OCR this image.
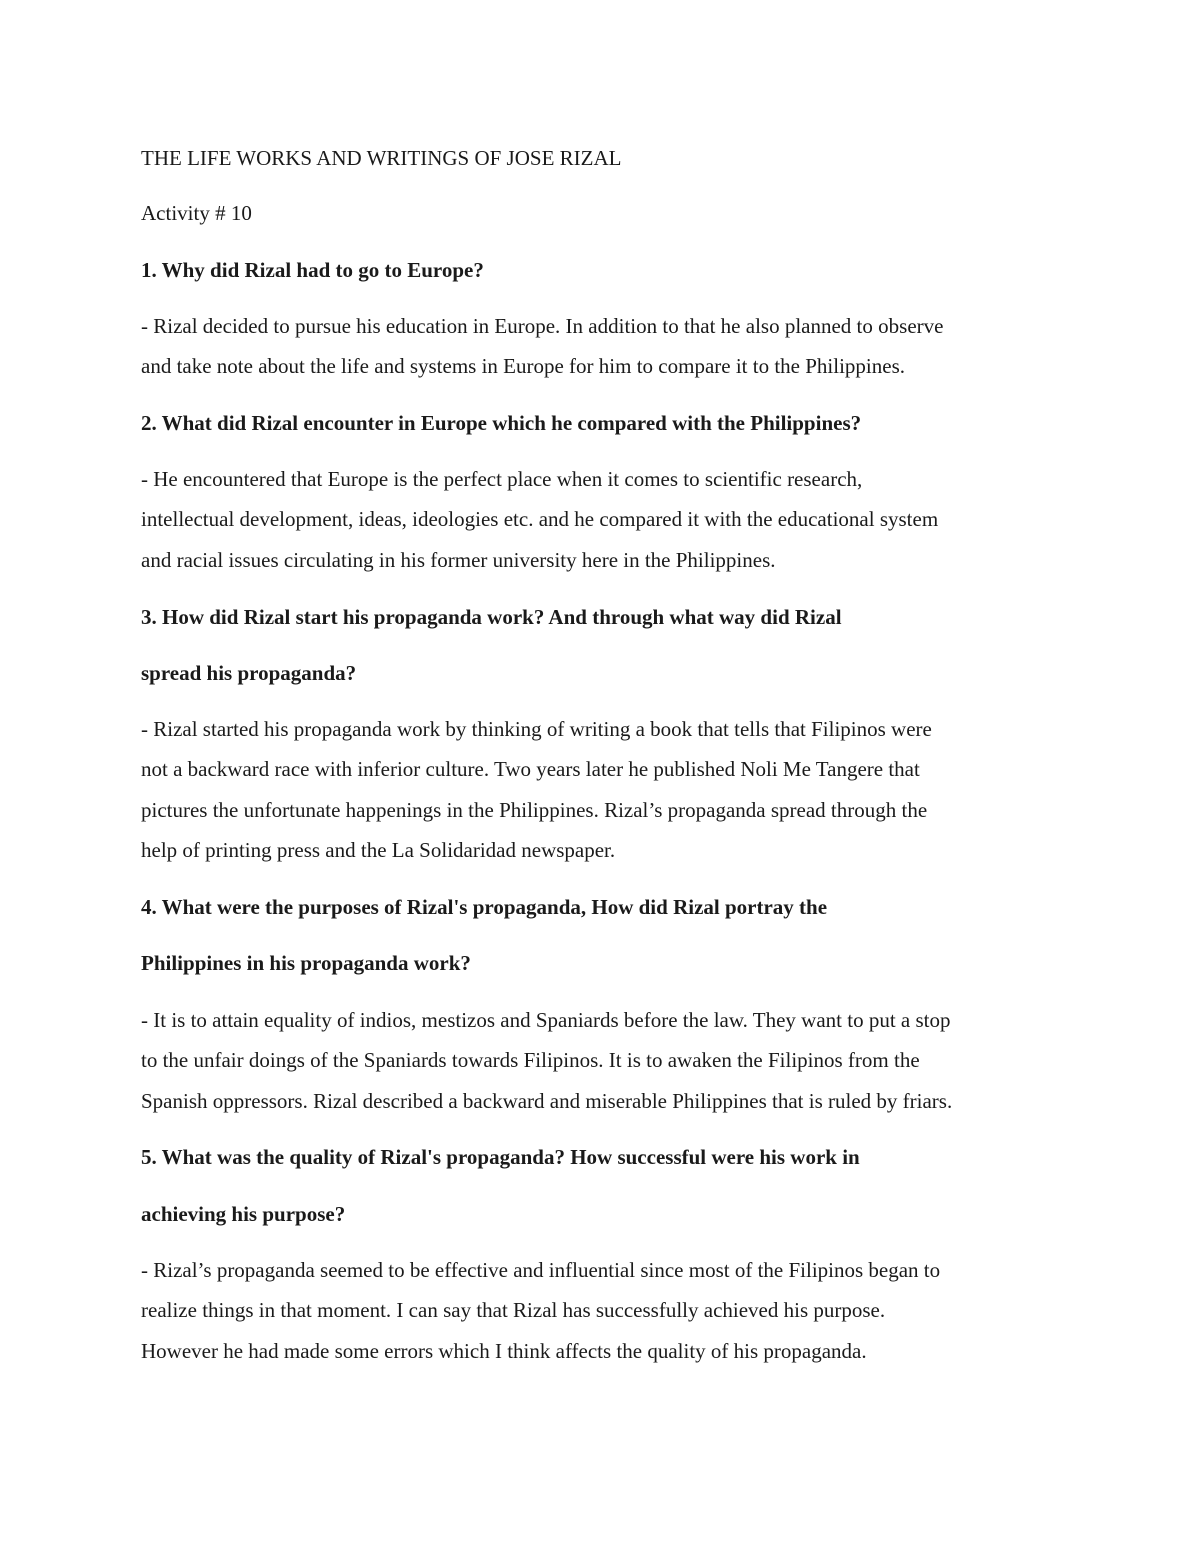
THE LIFE WORKS AND WRITINGS OF JOSE RIZAL
Activity # 10
1. Why did Rizal had to go to Europe?
- Rizal decided to pursue his education in Europe. In addition to that he also planned to observe
and take note about the life and systems in Europe for him to compare it to the Philippines.
2. What did Rizal encounter in Europe which he compared with the Philippines?
- He encountered that Europe is the perfect place when it comes to scientific research,
intellectual development, ideas, ideologies etc. and he compared it with the educational system
and racial issues circulating in his former university here in the Philippines.
3. How did Rizal start his propaganda work? And through what way did Rizal
spread his propaganda?
- Rizal started his propaganda work by thinking of writing a book that tells that Filipinos were
not a backward race with inferior culture. Two years later he published Noli Me Tangere that
pictures the unfortunate happenings in the Philippines. Rizal’s propaganda spread through the
help of printing press and the La Solidaridad newspaper.
4. What were the purposes of Rizal's propaganda, How did Rizal portray the
Philippines in his propaganda work?
- It is to attain equality of indios, mestizos and Spaniards before the law. They want to put a stop
to the unfair doings of the Spaniards towards Filipinos. It is to awaken the Filipinos from the
Spanish oppressors. Rizal described a backward and miserable Philippines that is ruled by friars.
5. What was the quality of Rizal's propaganda? How successful were his work in
achieving his purpose?
- Rizal’s propaganda seemed to be effective and influential since most of the Filipinos began to
realize things in that moment. I can say that Rizal has successfully achieved his purpose.
However he had made some errors which I think affects the quality of his propaganda.
